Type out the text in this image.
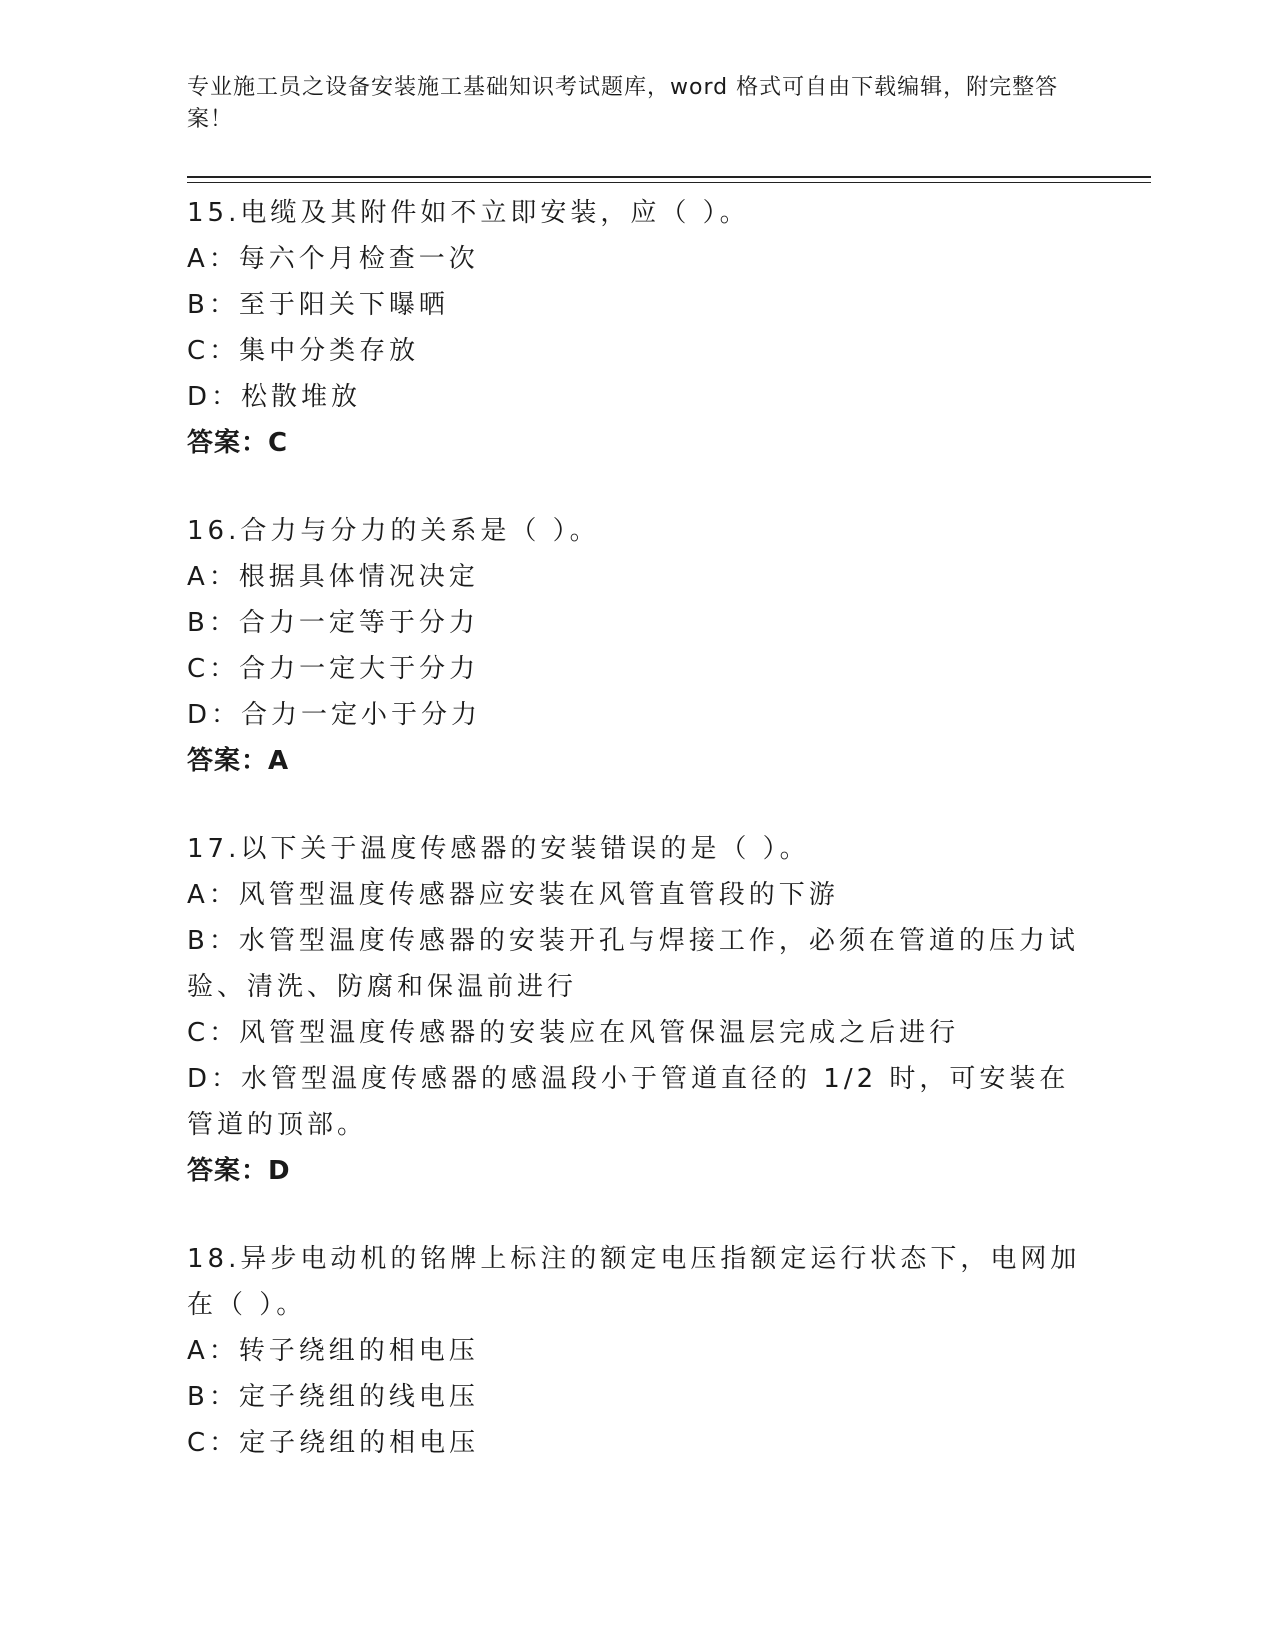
专业施工员之设备安装施工基础知识考试题库，word 格式可自由下载编辑，附完整答案！
15.电缆及其附件如不立即安装，应（ ）。
A：每六个月检查一次
B：至于阳关下曝晒
C：集中分类存放
D：松散堆放
答案：C
16.合力与分力的关系是（ ）。
A：根据具体情况决定
B：合力一定等于分力
C：合力一定大于分力
D：合力一定小于分力
答案：A
17.以下关于温度传感器的安装错误的是（ ）。
A：风管型温度传感器应安装在风管直管段的下游
B：水管型温度传感器的安装开孔与焊接工作，必须在管道的压力试验、清洗、防腐和保温前进行
C：风管型温度传感器的安装应在风管保温层完成之后进行
D：水管型温度传感器的感温段小于管道直径的 1/2 时，可安装在管道的顶部。
答案：D
18.异步电动机的铭牌上标注的额定电压指额定运行状态下，电网加在（ ）。
A：转子绕组的相电压
B：定子绕组的线电压
C：定子绕组的相电压
